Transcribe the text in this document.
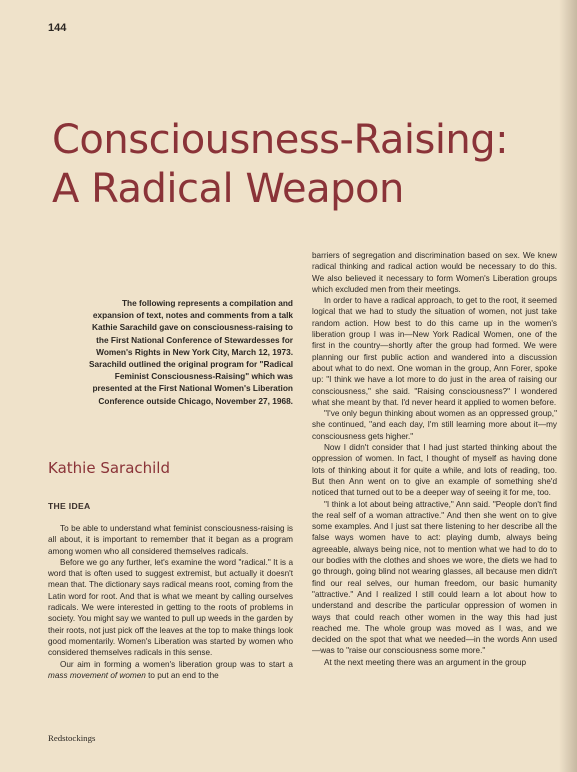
144
Consciousness-Raising:
A Radical Weapon

The following represents a compilation and expansion of text, notes and comments from a talk Kathie Sarachild gave on consciousness-raising to the First National Conference of Stewardesses for Women's Rights in New York City, March 12, 1973. Sarachild outlined the original program for "Radical Feminist Consciousness-Raising" which was presented at the First National Women's Liberation Conference outside Chicago, November 27, 1968.

Kathie Sarachild
THE IDEA

To be able to understand what feminist consciousness-raising is all about, it is important to remember that it began as a program among women who all considered themselves radicals.

Before we go any further, let's examine the word "radical." It is a word that is often used to suggest extremist, but actually it doesn't mean that. The dictionary says radical means root, coming from the Latin word for root. And that is what we meant by calling ourselves radicals. We were interested in getting to the roots of problems in society. You might say we wanted to pull up weeds in the garden by their roots, not just pick off the leaves at the top to make things look good momentarily. Women's Liberation was started by women who considered themselves radicals in this sense.

Our aim in forming a women's liberation group was to start a mass movement of women to put an end to the

barriers of segregation and discrimination based on sex. We knew radical thinking and radical action would be necessary to do this. We also believed it necessary to form Women's Liberation groups which excluded men from their meetings.

In order to have a radical approach, to get to the root, it seemed logical that we had to study the situation of women, not just take random action. How best to do this came up in the women's liberation group I was in—New York Radical Women, one of the first in the country—shortly after the group had formed. We were planning our first public action and wandered into a discussion about what to do next. One woman in the group, Ann Forer, spoke up: "I think we have a lot more to do just in the area of raising our consciousness," she said. "Raising consciousness?" I wondered what she meant by that. I'd never heard it applied to women before.

"I've only begun thinking about women as an oppressed group," she continued, "and each day, I'm still learning more about it—my consciousness gets higher."

Now I didn't consider that I had just started thinking about the oppression of women. In fact, I thought of myself as having done lots of thinking about it for quite a while, and lots of reading, too. But then Ann went on to give an example of something she'd noticed that turned out to be a deeper way of seeing it for me, too.

"I think a lot about being attractive," Ann said. "People don't find the real self of a woman attractive." And then she went on to give some examples. And I just sat there listening to her describe all the false ways women have to act: playing dumb, always being agreeable, always being nice, not to mention what we had to do to our bodies with the clothes and shoes we wore, the diets we had to go through, going blind not wearing glasses, all because men didn't find our real selves, our human freedom, our basic humanity "attractive." And I realized I still could learn a lot about how to understand and describe the particular oppression of women in ways that could reach other women in the way this had just reached me. The whole group was moved as I was, and we decided on the spot that what we needed—in the words Ann used—was to "raise our consciousness some more."

At the next meeting there was an argument in the group

Redstockings
